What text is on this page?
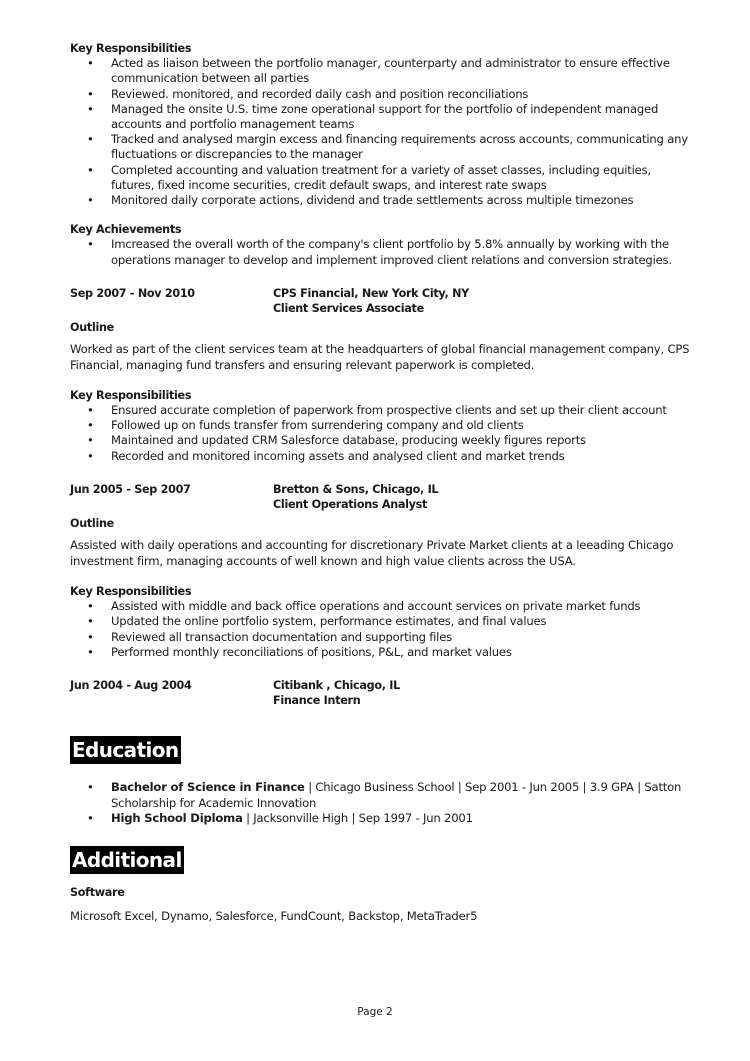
Key Responsibilities
• Acted as liaison between the portfolio manager, counterparty and administrator to ensure effective communication between all parties
• Reviewed. monitored, and recorded daily cash and position reconciliations
• Managed the onsite U.S. time zone operational support for the portfolio of independent managed accounts and portfolio management teams
• Tracked and analysed margin excess and financing requirements across accounts, communicating any fluctuations or discrepancies to the manager
• Completed accounting and valuation treatment for a variety of asset classes, including equities, futures, fixed income securities, credit default swaps, and interest rate swaps
• Monitored daily corporate actions, dividend and trade settlements across multiple timezones
Key Achievements
• Imcreased the overall worth of the company's client portfolio by 5.8% annually by working with the operations manager to develop and implement improved client relations and conversion strategies.
Sep 2007 - Nov 2010	CPS Financial, New York City, NY
Client Services Associate
Outline

Worked as part of the client services team at the headquarters of global financial management company, CPS Financial, managing fund transfers and ensuring relevant paperwork is completed.

Key Responsibilities
• Ensured accurate completion of paperwork from prospective clients and set up their client account
• Followed up on funds transfer from surrendering company and old clients
• Maintained and updated CRM Salesforce database, producing weekly figures reports
• Recorded and monitored incoming assets and analysed client and market trends
Jun 2005 - Sep 2007	Bretton & Sons, Chicago, IL
Client Operations Analyst
Outline

Assisted with daily operations and accounting for discretionary Private Market clients at a leeading Chicago investment firm, managing accounts of well known and high value clients across the USA.

Key Responsibilities
• Assisted with middle and back office operations and account services on private market funds
• Updated the online portfolio system, performance estimates, and final values
• Reviewed all transaction documentation and supporting files
• Performed monthly reconciliations of positions, P&L, and market values
Jun 2004 - Aug 2004	Citibank , Chicago, IL
Finance Intern
Education
• Bachelor of Science in Finance | Chicago Business School | Sep 2001 - Jun 2005 | 3.9 GPA | Satton Scholarship for Academic Innovation
• High School Diploma | Jacksonville High | Sep 1997 - Jun 2001
Additional
Software

Microsoft Excel, Dynamo, Salesforce, FundCount, Backstop, MetaTrader5

Page 2
